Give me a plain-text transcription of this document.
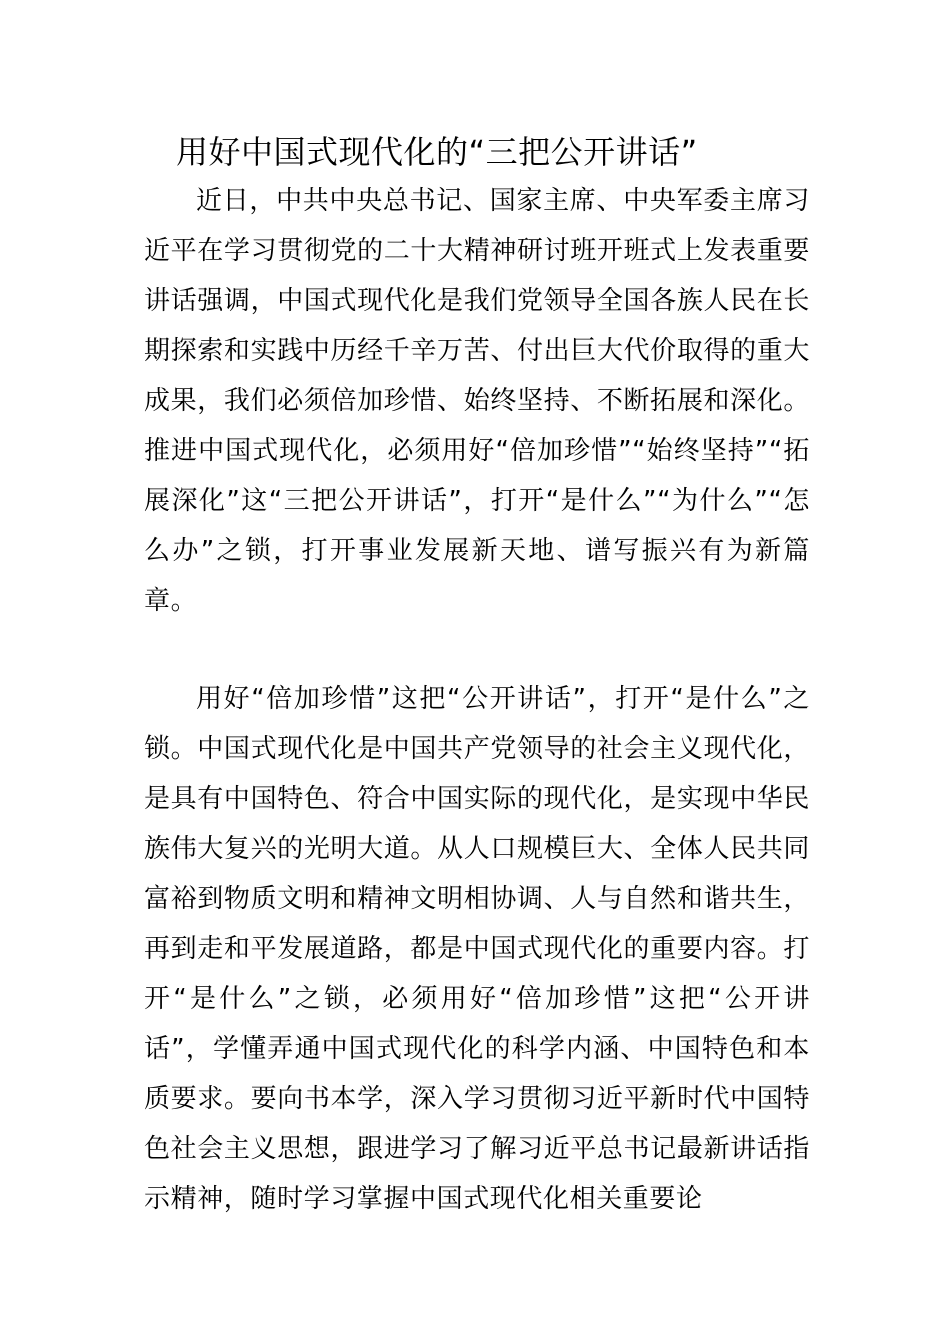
用好中国式现代化的“三把公开讲话”

近日，中共中央总书记、国家主席、中央军委主席习近平在学习贯彻党的二十大精神研讨班开班式上发表重要讲话强调，中国式现代化是我们党领导全国各族人民在长期探索和实践中历经千辛万苦、付出巨大代价取得的重大成果，我们必须倍加珍惜、始终坚持、不断拓展和深化。推进中国式现代化，必须用好“倍加珍惜”“始终坚持”“拓展深化”这“三把公开讲话”，打开“是什么”“为什么”“怎么办”之锁，打开事业发展新天地、谱写振兴有为新篇章。

用好“倍加珍惜”这把“公开讲话”，打开“是什么”之锁。中国式现代化是中国共产党领导的社会主义现代化，是具有中国特色、符合中国实际的现代化，是实现中华民族伟大复兴的光明大道。从人口规模巨大、全体人民共同富裕到物质文明和精神文明相协调、人与自然和谐共生，再到走和平发展道路，都是中国式现代化的重要内容。打开“是什么”之锁，必须用好“倍加珍惜”这把“公开讲话”，学懂弄通中国式现代化的科学内涵、中国特色和本质要求。要向书本学，深入学习贯彻习近平新时代中国特色社会主义思想，跟进学习了解习近平总书记最新讲话指示精神，随时学习掌握中国式现代化相关重要论
